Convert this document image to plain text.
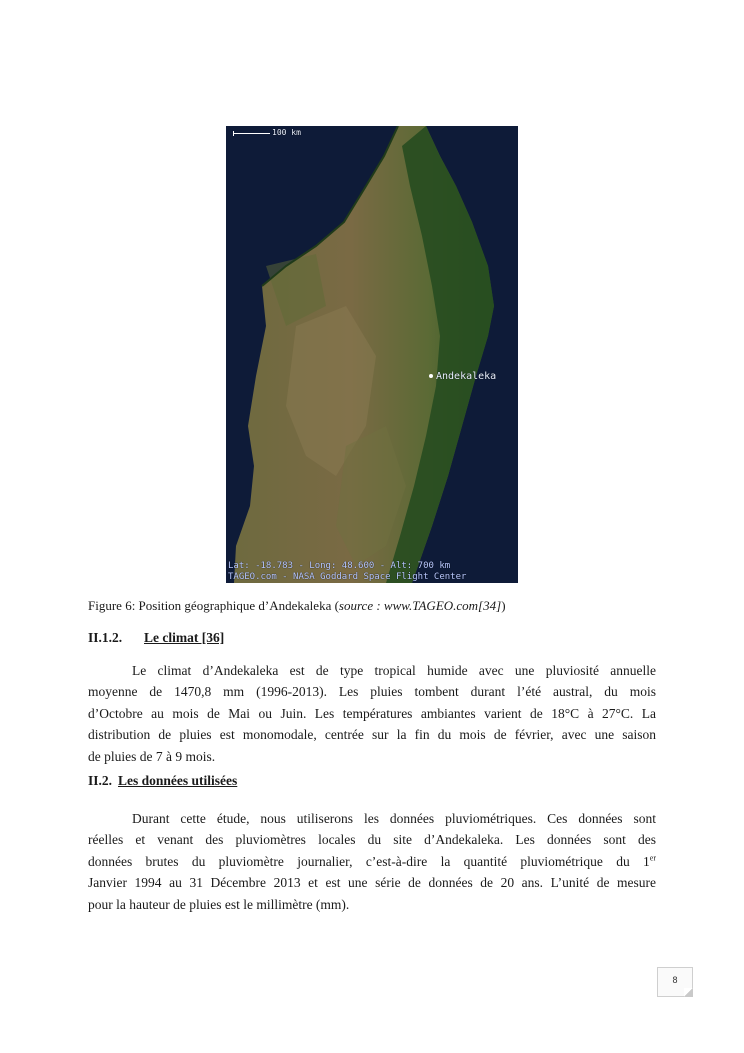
100 km
Andekaleka
Lat: -18.783 - Long: 48.600 - Alt: 700 km
TAGEO.com - NASA Goddard Space Flight Center
Figure 6: Position géographique d’Andekaleka (source : www.TAGEO.com[34])
II.1.2. Le climat [36]
Le climat d’Andekaleka est de type tropical humide avec une pluviosité annuelle
moyenne de 1470,8 mm (1996-2013). Les pluies tombent durant l’été austral, du mois
d’Octobre au mois de Mai ou Juin. Les températures ambiantes varient de 18°C à 27°C. La
distribution de pluies est monomodale, centrée sur la fin du mois de février, avec une saison
de pluies de 7 à 9 mois.
II.2. Les données utilisées
Durant cette étude, nous utiliserons les données pluviométriques. Ces données sont
réelles et venant des pluviomètres locales du site d’Andekaleka. Les données sont des
données brutes du pluviomètre journalier, c’est-à-dire la quantité pluviométrique du 1er
Janvier 1994 au 31 Décembre 2013 et est une série de données de 20 ans. L’unité de mesure
pour la hauteur de pluies est le millimètre (mm).
8
